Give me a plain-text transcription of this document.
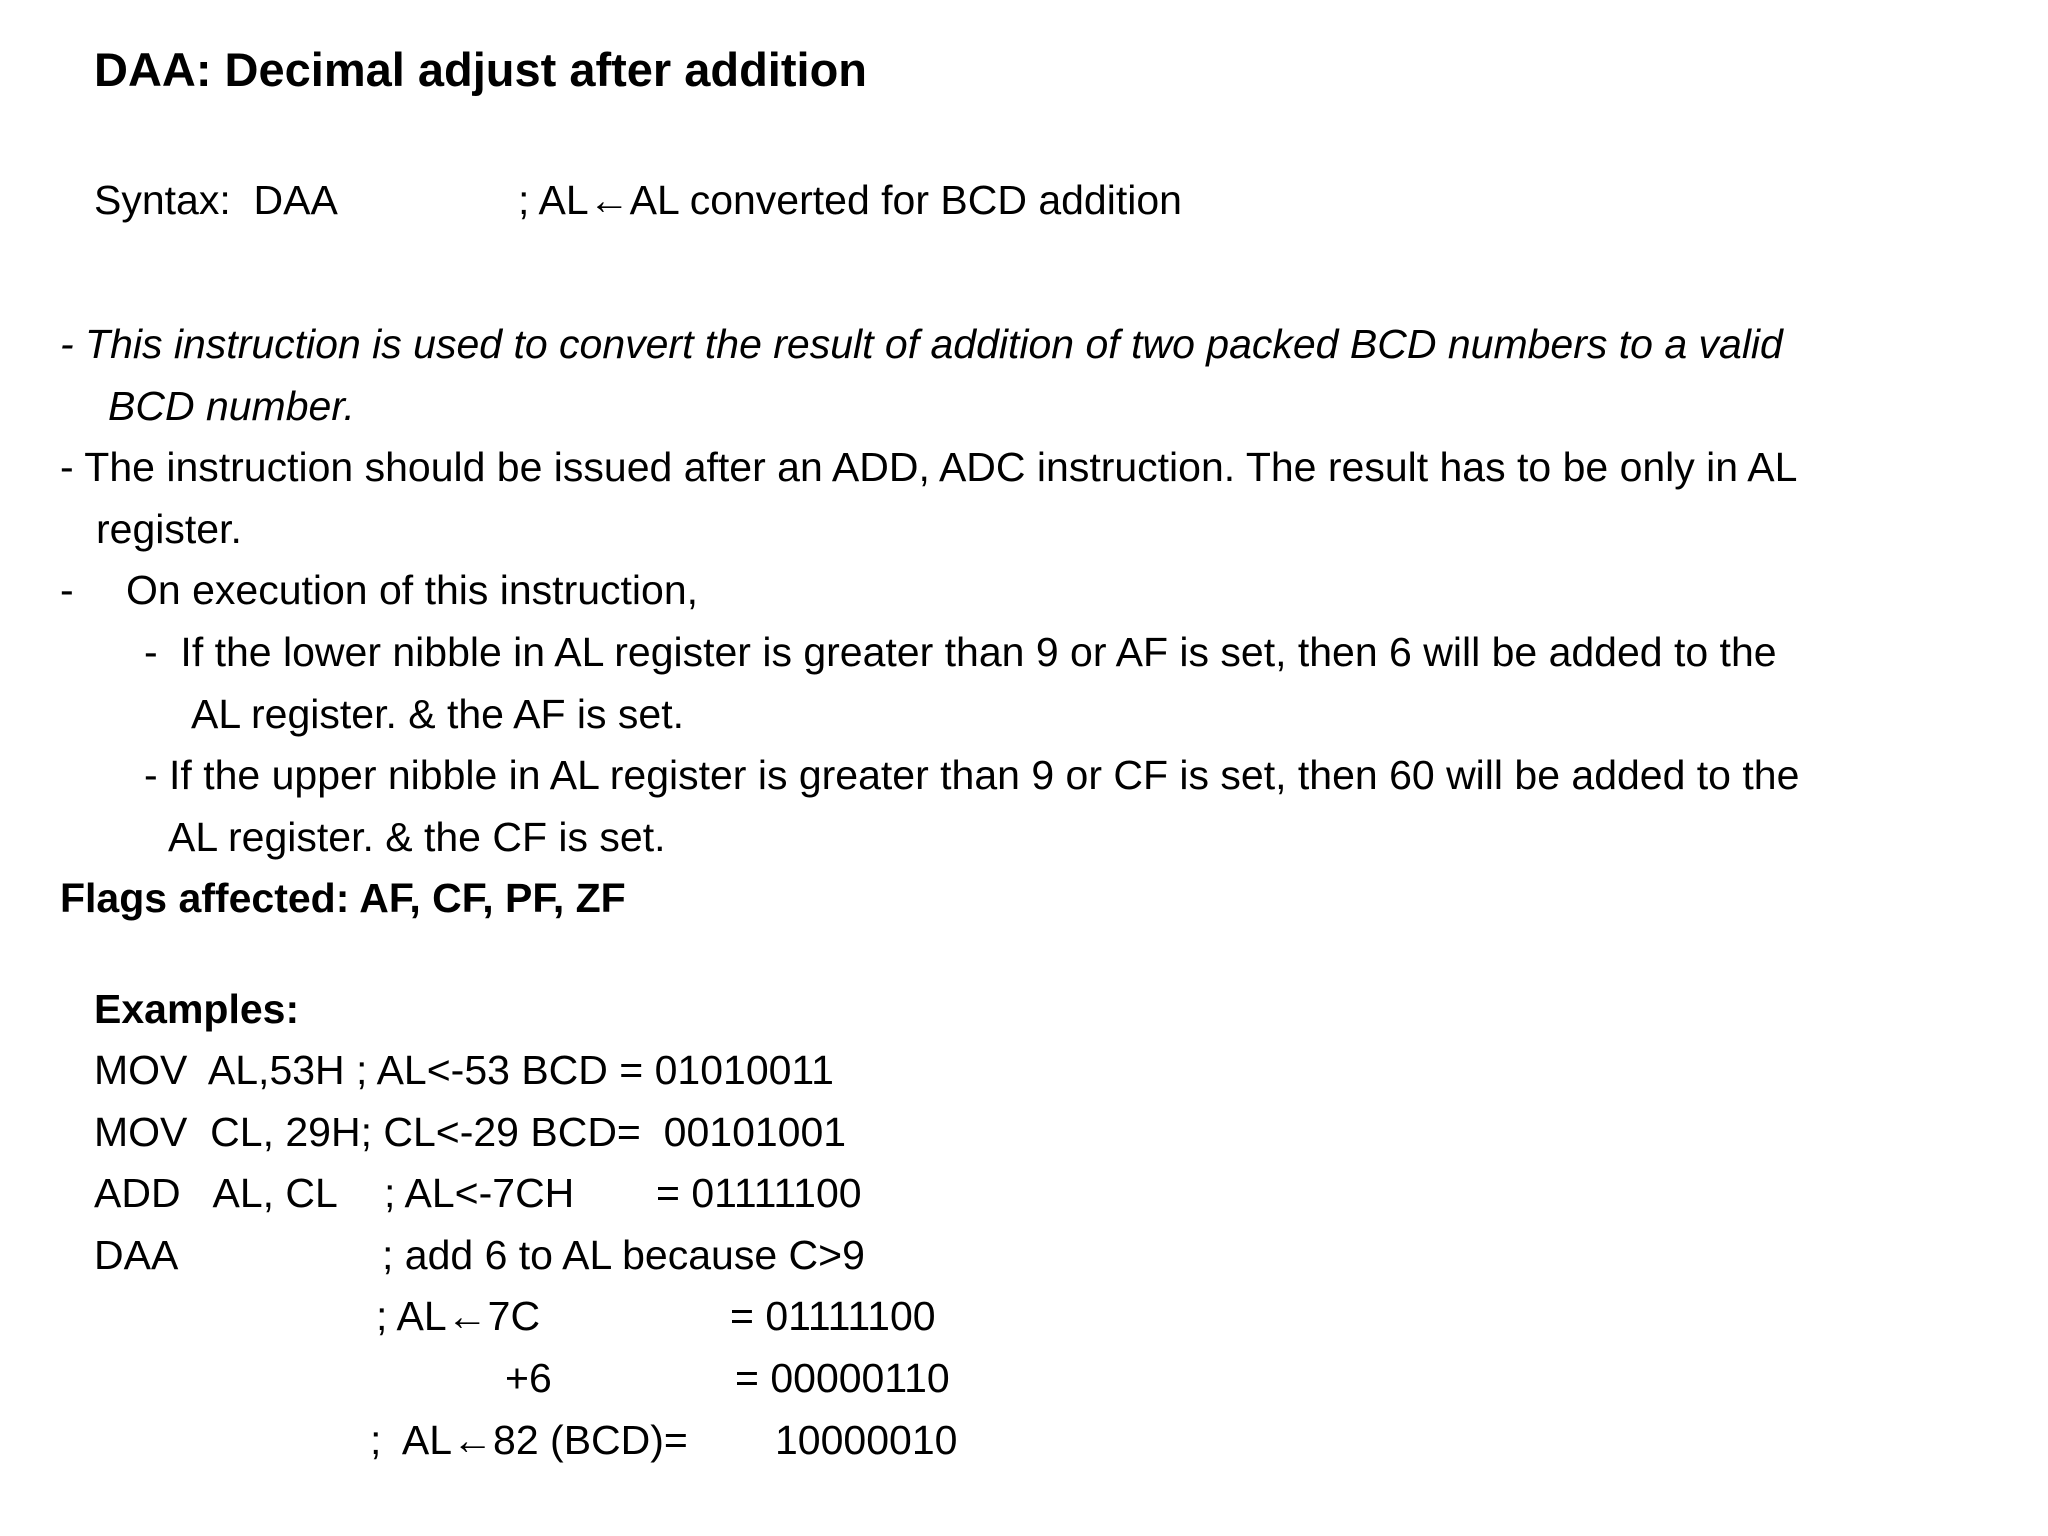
DAA: Decimal adjust after addition
Syntax:  DAA	; AL←AL converted for BCD addition
- This instruction is used to convert the result of addition of two packed BCD numbers to a valid
BCD number.
- The instruction should be issued after an ADD, ADC instruction. The result has to be only in AL
register.
- On execution of this instruction,
-  If the lower nibble in AL register is greater than 9 or AF is set, then 6 will be added to the
AL register. & the AF is set.
- If the upper nibble in AL register is greater than 9 or CF is set, then 60 will be added to the
AL register. & the CF is set.
Flags affected: AF, CF, PF, ZF
Examples:
MOV  AL,53H ; AL<-53 BCD = 01010011
MOV  CL, 29H; CL<-29 BCD=  00101001
ADD   AL, CL ; AL<-7CH = 01111100
DAA	; add 6 to AL because C>9
; AL←7C	= 01111100
+6	= 00000110
;  AL←82 (BCD)= 10000010
